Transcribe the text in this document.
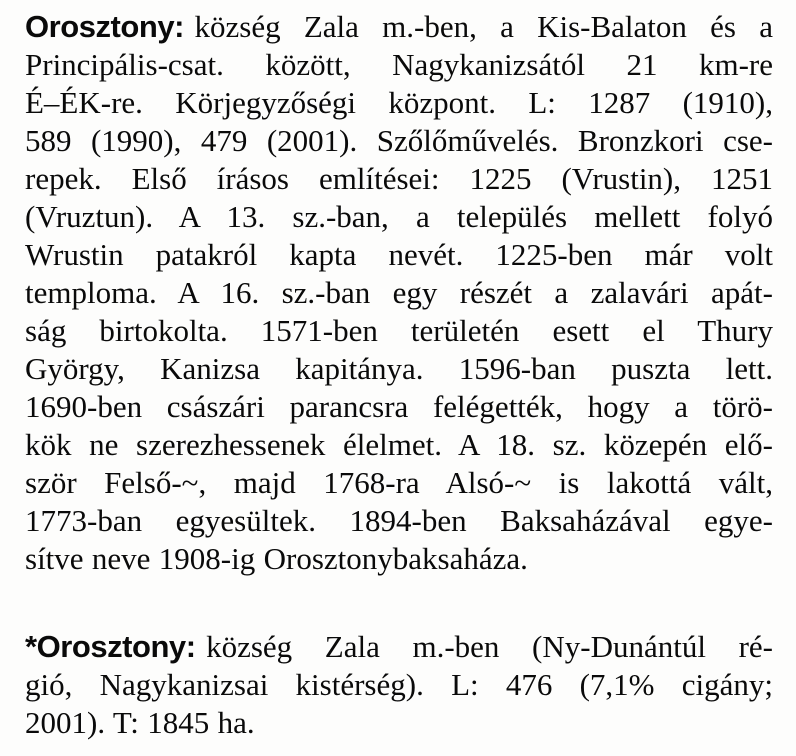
Orosztony: község Zala m.-ben, a Kis-Balaton és a
Principális-csat. között, Nagykanizsától 21 km-re
É–ÉK-re. Körjegyzőségi központ. L: 1287 (1910),
589 (1990), 479 (2001). Szőlőművelés. Bronzkori cse-
repek. Első írásos említései: 1225 (Vrustin), 1251
(Vruztun). A 13. sz.-ban, a település mellett folyó
Wrustin patakról kapta nevét. 1225-ben már volt
temploma. A 16. sz.-ban egy részét a zalavári apát-
ság birtokolta. 1571-ben területén esett el Thury
György, Kanizsa kapitánya. 1596-ban puszta lett.
1690-ben császári parancsra felégették, hogy a törö-
kök ne szerezhessenek élelmet. A 18. sz. közepén elő-
ször Felső-~, majd 1768-ra Alsó-~ is lakottá vált,
1773-ban egyesültek. 1894-ben Baksaházával egye-
sítve neve 1908-ig Orosztonybaksaháza.
*Orosztony: község Zala m.-ben (Ny-Dunántúl ré-
gió, Nagykanizsai kistérség). L: 476 (7,1% cigány;
2001). T: 1845 ha.
